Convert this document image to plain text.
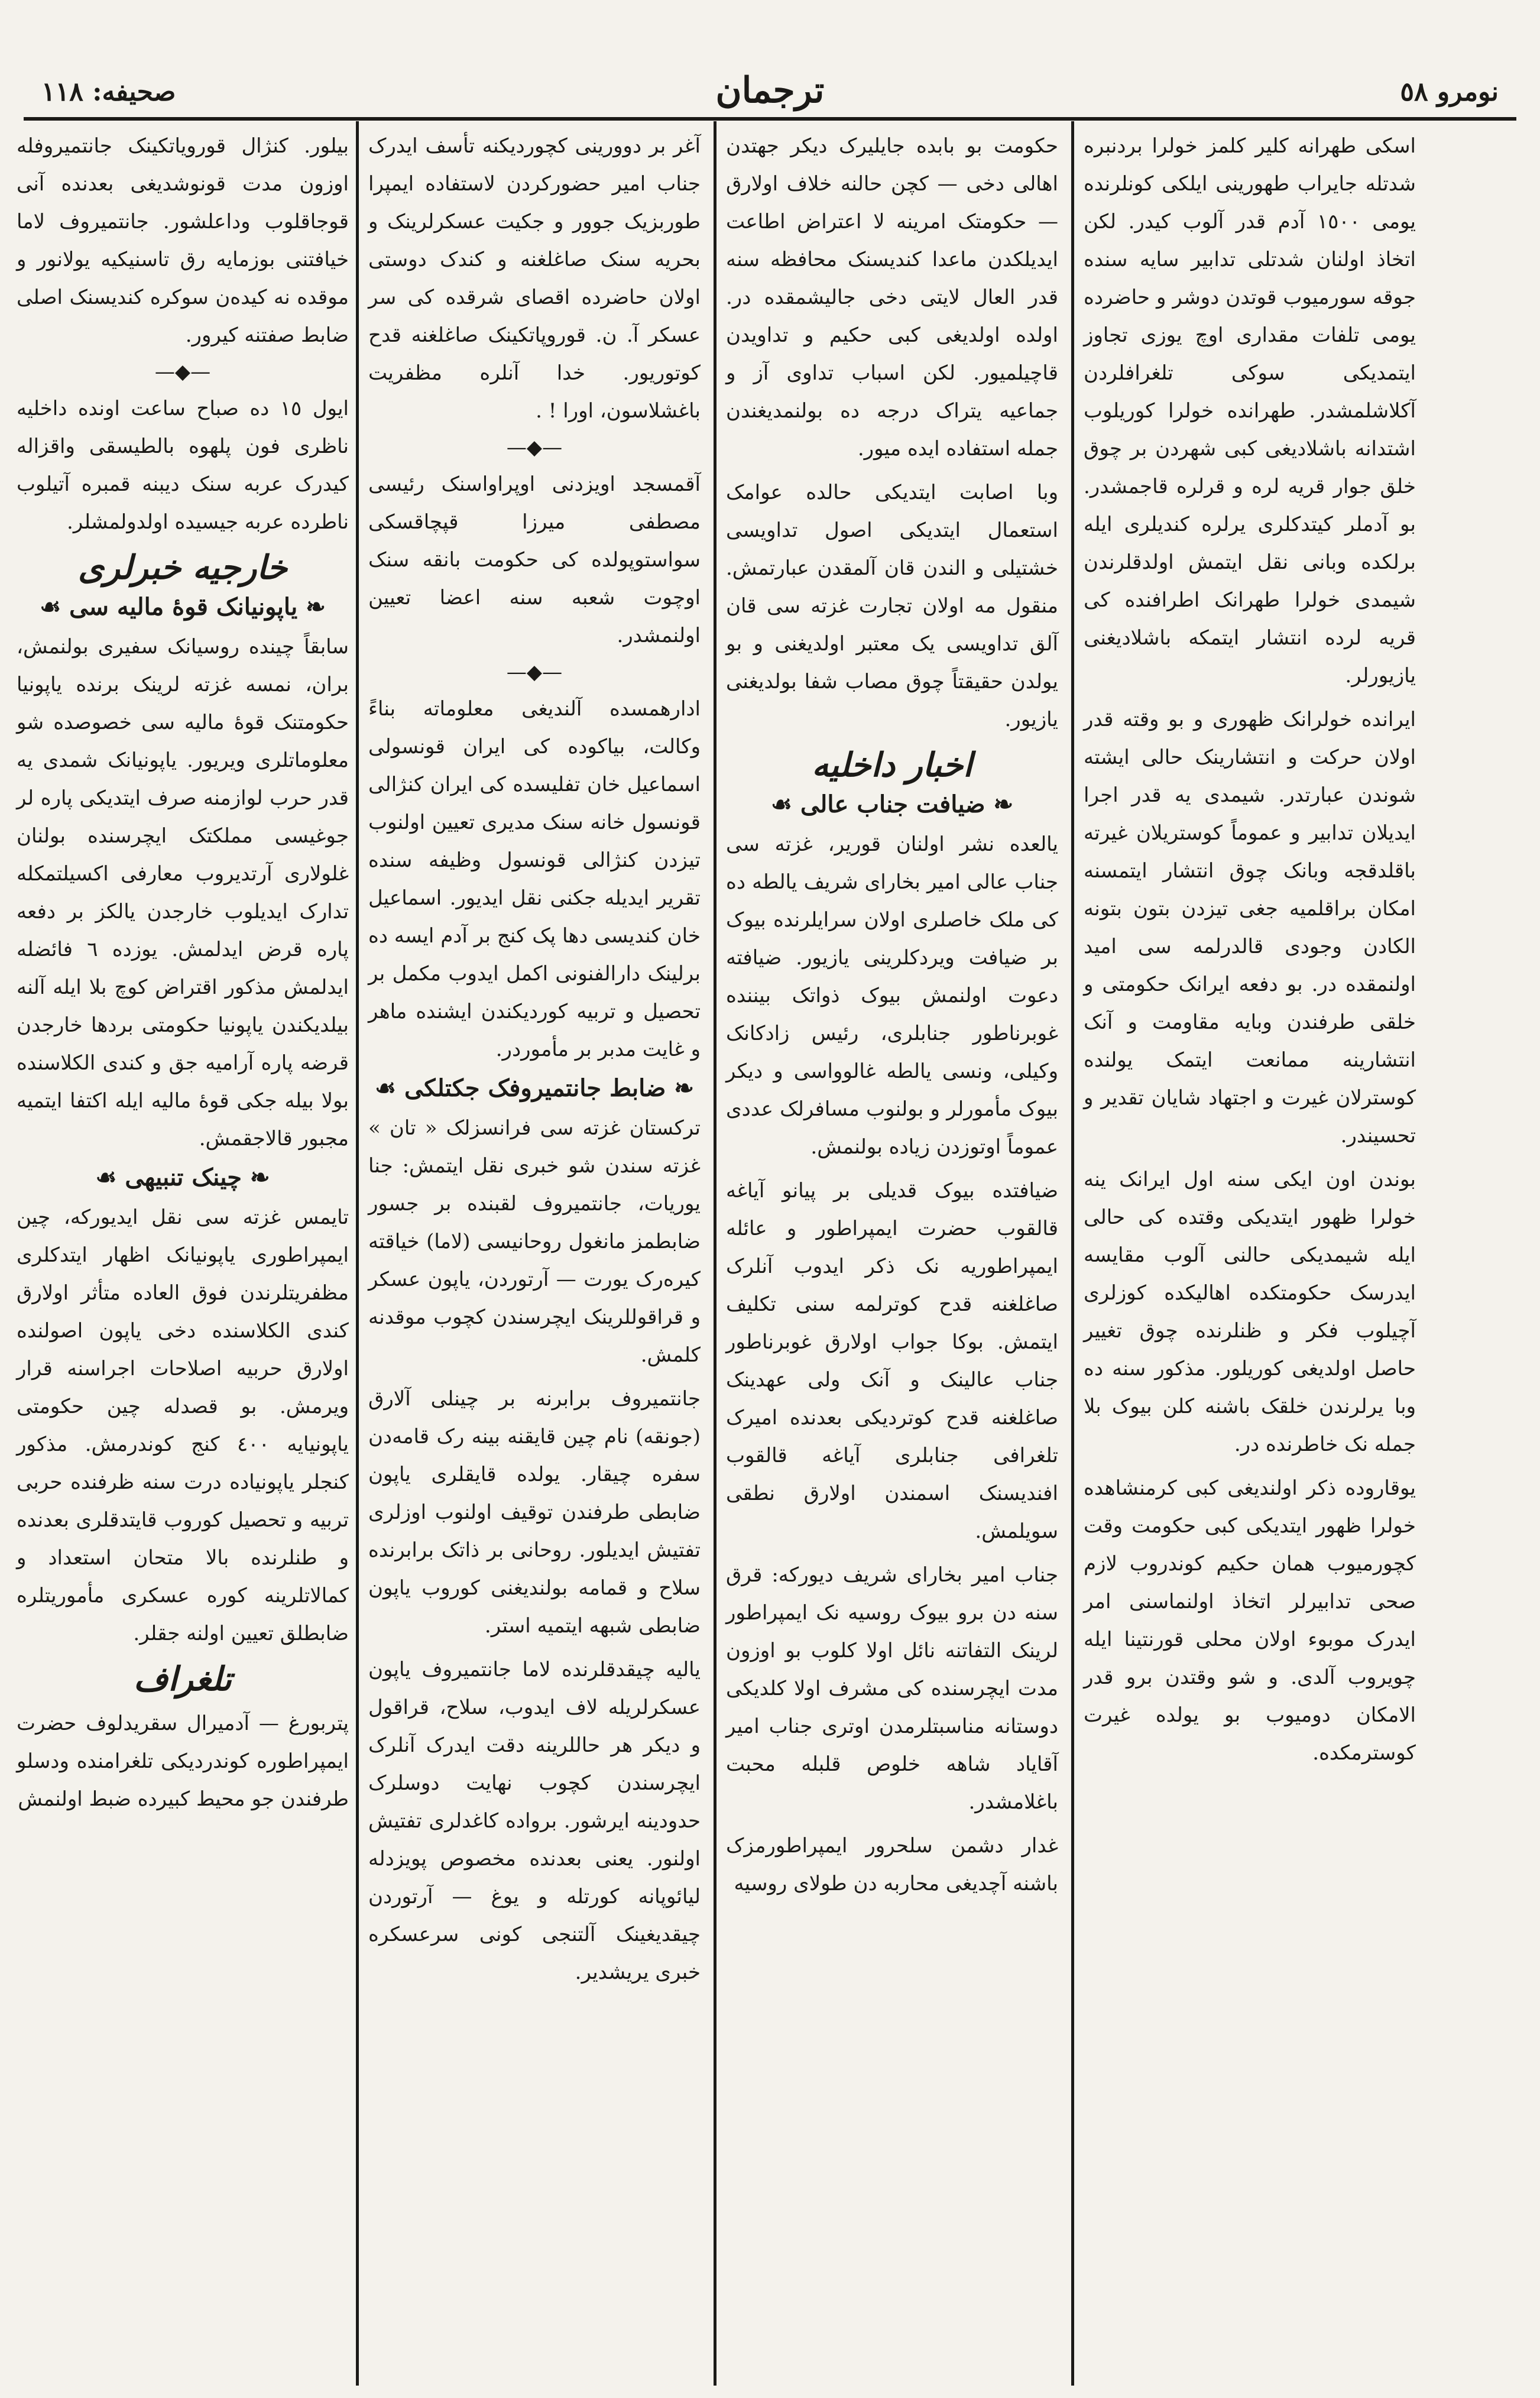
نومرو ٥٨
ترجمان
صحیفه: ١١٨

اسکی طهرانه کلیر کلمز خولرا بردنبره شدتله جایراب طهورینی ایلکی کونلرنده یومی ١٥٠٠ آدم قدر آلوب کیدر. لکن اتخاذ اولنان شدتلی تدابیر سایه سنده جوقه سورمیوب قوتدن دوشر و حاضرده یومی تلفات مقداری اوچ یوزی تجاوز ایتمدیکی سوکی تلغرافلردن آکلاشلمشدر. طهرانده خولرا کوریلوب اشتدانه باشلادیغی کبی شهردن بر چوق خلق جوار قریه لره و قرلره قاجمشدر. بو آدملر کیتدکلری یرلره کندیلری ایله برلکده وبانی نقل ایتمش اولدقلرندن شیمدی خولرا طهرانک اطرافنده کی قریه لرده انتشار ایتمکه باشلادیغنی یازیورلر.

ایرانده خولرانک ظهوری و بو وقته قدر اولان حرکت و انتشارینک حالی ایشته شوندن عبارتدر. شیمدی یه قدر اجرا ایدیلان تدابیر و عموماً کوستریلان غیرته باقلدقجه وبانک چوق انتشار ایتمسنه امکان براقلمیه جغی تیزدن بتون بتونه الکادن وجودی قالدرلمه سی امید اولنمقده در. بو دفعه ایرانک حکومتی و خلقی طرفندن وبایه مقاومت و آنک انتشارینه ممانعت ایتمک یولنده کوسترلان غیرت و اجتهاد شایان تقدیر و تحسیندر.

بوندن اون ایکی سنه اول ایرانک ینه خولرا ظهور ایتدیکی وقتده کی حالی ایله شیمدیکی حالنی آلوب مقایسه ایدرسک حکومتکده اهالیکده کوزلری آچیلوب فکر و ظنلرنده چوق تغییر حاصل اولدیغی کوریلور. مذکور سنه ده وبا یرلرندن خلقک باشنه کلن بیوک بلا جمله نک خاطرنده در.

یوقاروده ذکر اولندیغی کبی کرمنشاهده خولرا ظهور ایتدیکی کبی حکومت وقت کچورمیوب همان حکیم کوندروب لازم صحی تدابیرلر اتخاذ اولنماسنی امر ایدرک موبوء اولان محلی قورنتینا ایله چویروب آلدی. و شو وقتدن برو قدر الامکان دومیوب بو یولده غیرت کوسترمکده.

حکومت بو بابده جایلیرک دیکر جهتدن اهالی دخی — کچن حالنه خلاف اولارق — حکومتک امرینه لا اعتراض اطاعت ایدیلکدن ماعدا کندیسنک محافظه سنه قدر العال لایتی دخی جالیشمقده در. اولده اولدیغی کبی حکیم و تداویدن قاچیلمیور. لکن اسباب تداوی آز و جماعیه یتراک درجه ده بولنمدیغندن جمله استفاده ایده میور.

وبا اصابت ایتدیکی حالده عوامک استعمال ایتدیکی اصول تداویسی خشتیلی و الندن قان آلمقدن عبارتمش. منقول مه اولان تجارت غزته سی قان آلق تداویسی یک معتبر اولدیغنی و بو یولدن حقیقتاً چوق مصاب شفا بولدیغنی یازیور.

اخبار داخلیه
❧ضیافت جناب عالی☙

یالعده نشر اولنان قوریر، غزته سی جناب عالی امیر بخارای شریف یالطه ده کی ملک خاصلری اولان سرایلرنده بیوک بر ضیافت ویردکلرینی یازیور. ضیافته دعوت اولنمش بیوک ذواتک بیننده غوبرناطور جنابلری، رئیس زادکانک وکیلی، ونسی یالطه غالوواسی و دیکر بیوک مأمورلر و بولنوب مسافرلک عددی عموماً اوتوزدن زیاده بولنمش.

ضیافتده بیوک قدیلی بر پیانو آیاغه قالقوب حضرت ایمپراطور و عائله ایمپراطوریه نک ذکر ایدوب آنلرک صاغلغنه قدح کوترلمه سنی تکلیف ایتمش. بوکا جواب اولارق غوبرناطور جناب عالینک و آنک ولی عهدینک صاغلغنه قدح کوتردیکی بعدنده امیرک تلغرافی جنابلری آیاغه قالقوب افندیسنک اسمندن اولارق نطقی سویلمش.

جناب امیر بخارای شریف دیورکه: قرق سنه دن برو بیوک روسیه نک ایمپراطور لرینک التفاتنه نائل اولا کلوب بو اوزون مدت ایچرسنده کی مشرف اولا کلدیکی دوستانه مناسبتلرمدن اوتری جناب امیر آقایاد شاهه خلوص قلبله محبت باغلامشدر.

غدار دشمن سلحرور ایمپراطورمزک باشنه آچدیغی محاربه دن طولای روسیه

آغر بر دوورینی کچوردیکنه تأسف ایدرک جناب امیر حضورکردن لاستفاده ایمپرا طوربزیک جوور و جکیت عسکرلرینک و بحریه سنک صاغلغنه و کندک دوستی اولان حاضرده اقصای شرقده کی سر عسکر آ. ن. قوروپاتکینک صاغلغنه قدح کوتوریور. خدا آنلره مظفریت باغشلاسون، اورا ! .

—◆—

آقمسجد اویزدنی اوپراواسنک رئیسی مصطفی میرزا قپچاقسکی سواستوپولده کی حکومت بانقه سنک اوچوت شعبه سنه اعضا تعیین اولنمشدر.

—◆—

ادارهمسده آلندیغی معلوماته بناءً وکالت، بیاکوده کی ایران قونسولی اسماعیل خان تفلیسده کی ایران کنژالی قونسول خانه سنک مدیری تعیین اولنوب تیزدن کنژالی قونسول وظیفه سنده تقریر ایدیله جکنی نقل ایدیور. اسماعیل خان کندیسی دها پک کنج بر آدم ایسه ده برلینک دارالفنونی اکمل ایدوب مکمل بر تحصیل و تربیه کوردیکندن ایشنده ماهر و غایت مدبر بر مأموردر.

❧ضابط جانتمیروفک جکتلکی☙

ترکستان غزته سی فرانسزلک « تان » غزته سندن شو خبری نقل ایتمش: جنا یوریات، جانتمیروف لقبنده بر جسور ضابطمز مانغول روحانیسی (لاما) خیاقته کیرەرک یورت — آرتوردن، یاپون عسکر و قراقوللرینک ایچرسندن کچوب موقدنه کلمش.

جانتمیروف برابرنه بر چینلی آلارق (جونقه) نام چین قایقنه بینه رک قامەدن سفره چیقار. یولده قایقلری یاپون ضابطی طرفندن توقیف اولنوب اوزلری تفتیش ایدیلور. روحانی بر ذاتک برابرنده سلاح و قمامه بولندیغنی کوروب یاپون ضابطی شبهه ایتمیه استر.

یالیه چیقدقلرنده لاما جانتمیروف یاپون عسکرلریله لاف ایدوب، سلاح، قراقول و دیکر هر حاللرینه دقت ایدرک آنلرک ایچرسندن کچوب نهایت دوسلرک حدودینه ایرشور. برواده کاغدلری تفتیش اولنور. یعنی بعدنده مخصوص پویزدله لیائوپانه کورتله و یوغ — آرتوردن چیقدیغینک آلتنجی کونی سرعسکره خبری یریشدیر.

بیلور. کنژال قورویاتکینک جانتمیروفله اوزون مدت قونوشدیغی بعدنده آنی قوجاقلوب وداعلشور. جانتمیروف لاما خیافتنی بوزمایه رق تاسنیکیه یولانور و موقده نه کیدەن سوکره کندیسنک اصلی ضابط صفتنه کیرور.

—◆—

ایول ١٥ ده صباح ساعت اونده داخلیه ناظری فون پلهوه بالطیسقی واقزاله کیدرک عربه سنک دیبنه قمبره آتیلوب ناطرده عربه جیسیده اولدولمشلر.

خارجیه خبرلری
❧یاپونیانک قوۀ مالیه سی☙

سابقاً چینده روسیانک سفیری بولنمش، بران، نمسه غزته لرینک برنده یاپونیا حکومتنک قوۀ مالیه سی خصوصده شو معلوماتلری ویریور. یاپونیانک شمدی یه قدر حرب لوازمنه صرف ایتدیکی پاره لر جوغیسی مملکتک ایچرسنده بولنان غلولاری آرتدیروب معارفی اکسیلتمکله تدارک ایدیلوب خارجدن یالکز بر دفعه پاره قرض ایدلمش. یوزده ٦ فائضله ایدلمش مذکور اقتراض کوچ بلا ایله آلنه بیلدیکندن یاپونیا حکومتی بردها خارجدن قرضه پاره آرامیه جق و کندی الکلاسنده بولا بیله جکی قوۀ مالیه ایله اکتفا ایتمیه مجبور قالاجقمش.

❧چینک تنبیهی☙

تایمس غزته سی نقل ایدیورکه، چین ایمپراطوری یاپونیانک اظهار ایتدکلری مظفریتلرندن فوق العاده متأثر اولارق کندی الکلاسنده دخی یاپون اصولنده اولارق حربیه اصلاحات اجراسنه قرار ویرمش. بو قصدله چین حکومتی یاپونیایه ٤٠٠ کنج کوندرمش. مذکور کنجلر یاپونیاده درت سنه ظرفنده حربی تربیه و تحصیل کوروب قایتدقلری بعدنده و طنلرنده بالا متحان استعداد و کمالاتلرینه کوره عسکری مأموریتلره ضابطلق تعیین اولنه جقلر.

تلغراف

پتربورغ — آدمیرال سقریدلوف حضرت ایمپراطوره کوندردیکی تلغرامنده ودسلو طرفندن جو محیط کبیرده ضبط اولنمش
